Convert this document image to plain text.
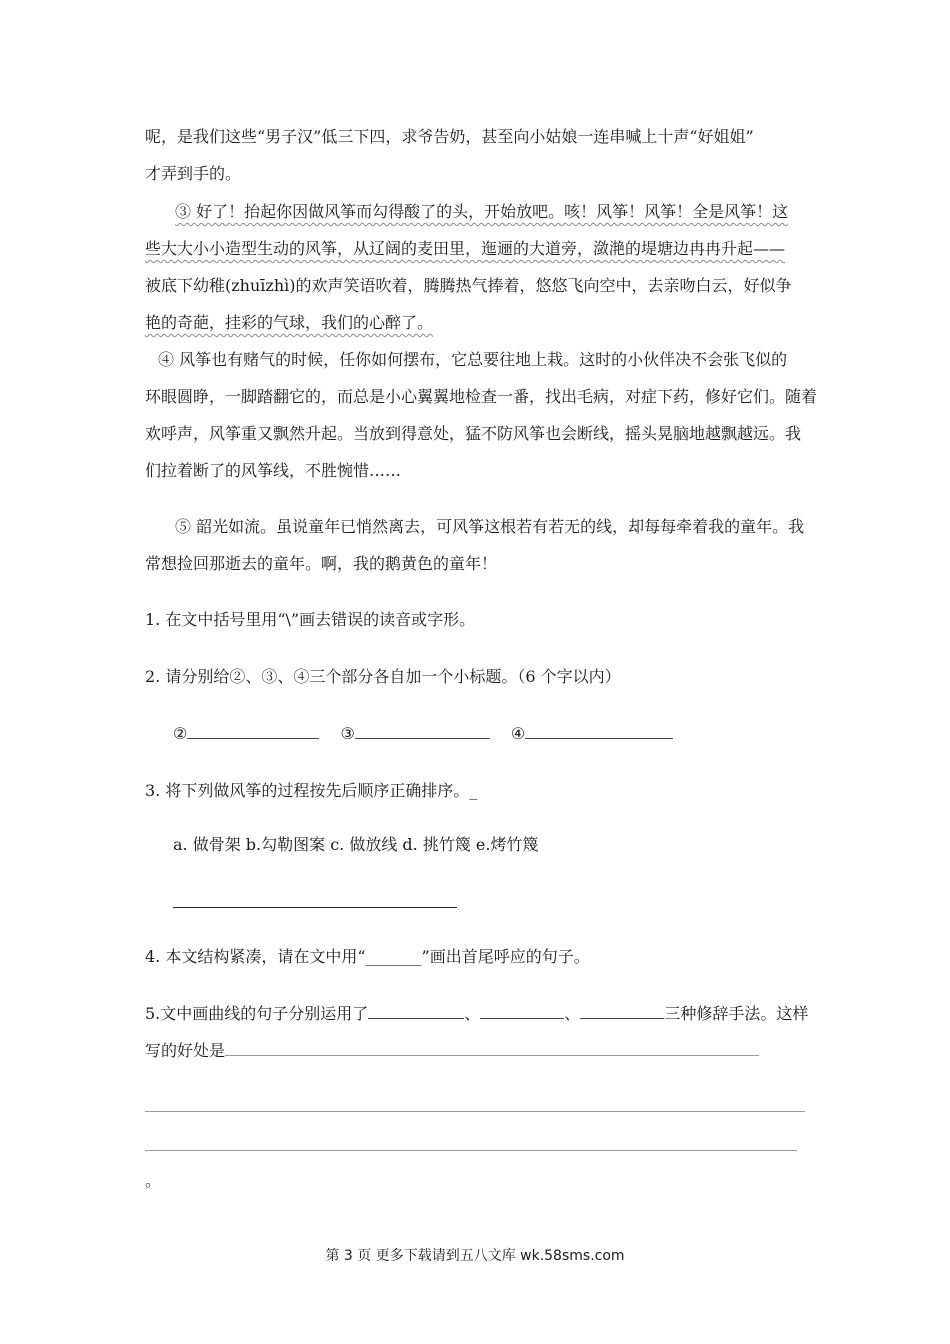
呢，是我们这些“男子汉”低三下四，求爷告奶，甚至向小姑娘一连串喊上十声“好姐姐”
才弄到手的。
③ 好了！抬起你因做风筝而勾得酸了的头，开始放吧。咳！风筝！风筝！全是风筝！这
些大大小小造型生动的风筝，从辽阔的麦田里，迤逦的大道旁，潋滟的堤塘边冉冉升起——
被底下幼稚(zhuīzhì)的欢声笑语吹着，腾腾热气捧着，悠悠飞向空中，去亲吻白云，好似争
艳的奇葩，挂彩的气球，我们的心醉了。
④ 风筝也有赌气的时候，任你如何摆布，它总要往地上栽。这时的小伙伴决不会张飞似的
环眼圆睁，一脚踏翻它的，而总是小心翼翼地检查一番，找出毛病，对症下药，修好它们。随着
欢呼声，风筝重又飘然升起。当放到得意处，猛不防风筝也会断线，摇头晃脑地越飘越远。我
们拉着断了的风筝线，不胜惋惜……
⑤ 韶光如流。虽说童年已悄然离去，可风筝这根若有若无的线，却每每牵着我的童年。我
常想捡回那逝去的童年。啊，我的鹅黄色的童年！
1. 在文中括号里用“\”画去错误的读音或字形。
2. 请分别给②、③、④三个部分各自加一个小标题。（6 个字以内）
②	③	④
3. 将下列做风筝的过程按先后顺序正确排序。_
a. 做骨架 b.勾勒图案 c. 做放线 d. 挑竹篾 e.烤竹篾
4. 本文结构紧凑，请在文中用“_______”画出首尾呼应的句子。
5.文中画曲线的句子分别运用了	、	、	三种修辞手法。这样
写的好处是
。
第 3 页 更多下载请到五八文库 wk.58sms.com
